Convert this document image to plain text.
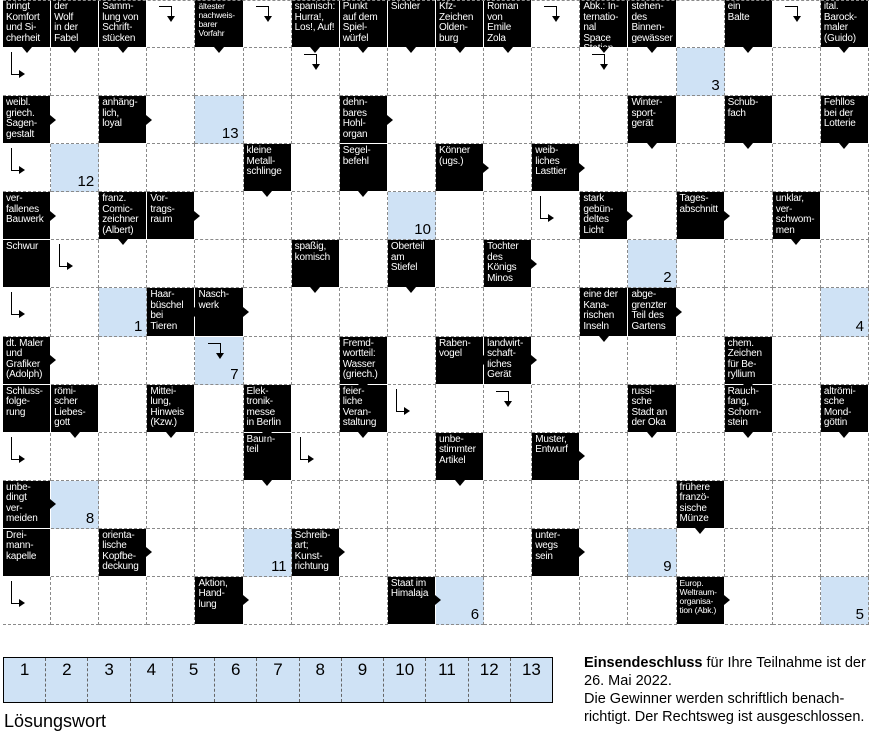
bringt
Komfort
und Si-
cherheit
der
Wolf
in der
Fabel
Samm-
lung von
Schrift-
stücken
ältester
nachweis-
barer
Vorfahr
spanisch:
Hurra!,
Los!, Auf!
Punkt
auf dem
Spiel-
würfel
Sichler	Kfz-
Zeichen
Olden-
burg
Roman
von
Emile
Zola
Abk.: In-
ternatio-
nal Space

stehen-
des
Binnen-
gewässer
ein
Balte
ital.
Barock-
maler
(Guido)
3
weibl.
griech.
Sagen-
gestalt
anhäng-
lich,
loyal
13
dehn-
bares
Hohl-
organ
Winter-
sport-
gerät
Schub-
fach
Fehllos
bei der
Lotterie
12
kleine
Metall-
schlinge
Segel-
befehl
Könner
(ugs.)
weib-
liches
Lasttier
ver-
fallenes
Bauwerk
franz.
Comic-
zeichner
(Albert)
Vor-
trags-
raum
10
stark
gebün-
deltes
Licht
Tages-
abschnitt
unklar,
ver-
schwom-
men
Schwur	spaßig,
komisch
Oberteil
am
Stiefel
Tochter
des
Königs
Minos	2
1
Haar-
büschel
bei
Tieren
Nasch-
werk
eine der
Kana-
rischen
Inseln
abge-
grenzter
Teil des
Gartens	4
dt. Maler
und
Grafiker
(Adolph)	7
Fremd-
wortteil:
Wasser
(griech.)
Raben-
vogel
landwirt-
schaft-
liches
Gerät
chem.
Zeichen
für Be-
ryllium
Schluss-
folge-
rung
römi-
scher
Liebes-
gott
Mittei-
lung,
Hinweis
(Kzw.)
Elek-
tronik-
messe
in Berlin
feier-
liche
Veran-
staltung
russi-
sche
Stadt an
der Oka
Rauch-
fang,
Schorn-
stein
altrömi-
sche
Mond-
göttin
Baum-
teil
unbe-
stimmter
Artikel
Muster,
Entwurf
unbe-
dingt
ver-
meiden	8
frühere
franzö-
sische
Münze
Drei-
mann-
kapelle
orienta-
lische
Kopfbe-
deckung	11
Schreib-
art;
Kunst-
richtung
unter-
wegs
sein
9
Aktion,
Hand-
lung
Staat im
Himalaja
6
Europ.
Weltraum-
organisa-
tion (Abk.)	5
1	2	3	4	5	6	7	8	9	10	11	12	13
Lösungswort
Einsendeschluss für Ihre Teilnahme ist der
26. Mai 2022.
Die Gewinner werden schriftlich benach-
richtigt. Der Rechtsweg ist ausgeschlossen.
